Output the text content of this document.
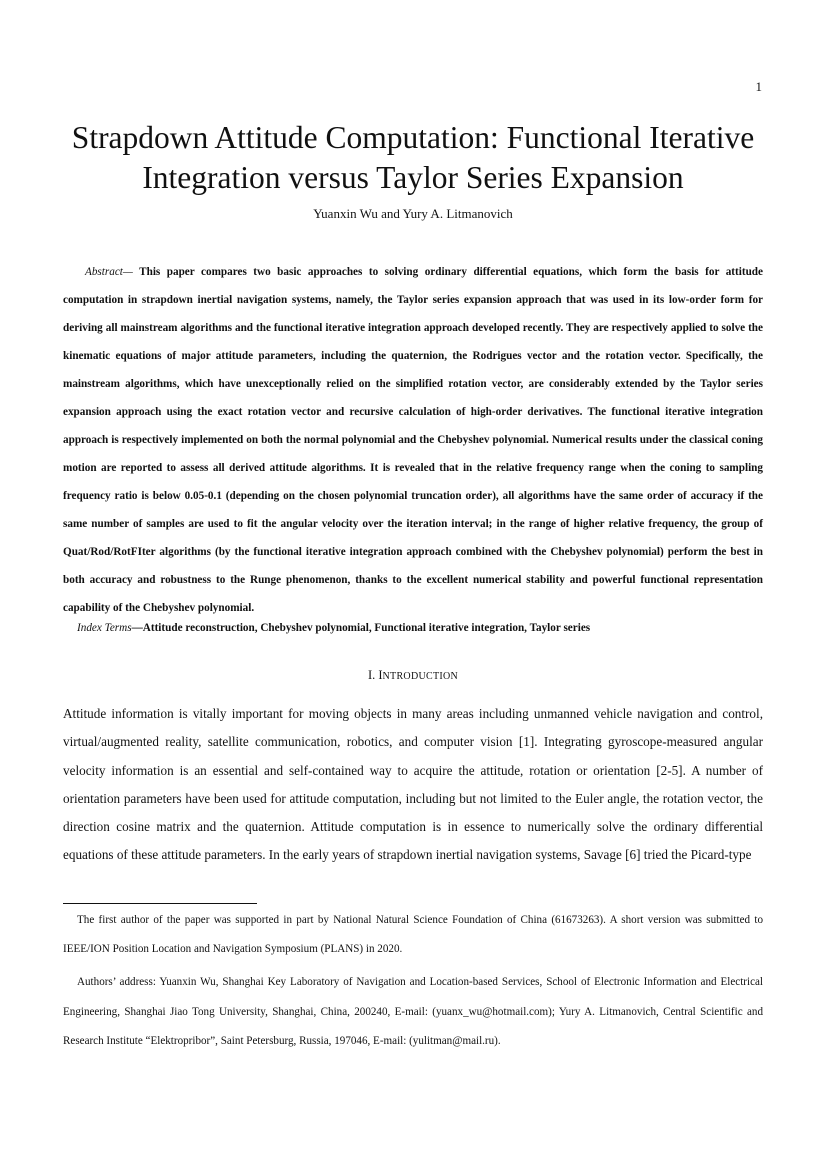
1
Strapdown Attitude Computation: Functional Iterative Integration versus Taylor Series Expansion
Yuanxin Wu and Yury A. Litmanovich

Abstract— This paper compares two basic approaches to solving ordinary differential equations, which form the basis for attitude computation in strapdown inertial navigation systems, namely, the Taylor series expansion approach that was used in its low-order form for deriving all mainstream algorithms and the functional iterative integration approach developed recently. They are respectively applied to solve the kinematic equations of major attitude parameters, including the quaternion, the Rodrigues vector and the rotation vector. Specifically, the mainstream algorithms, which have unexceptionally relied on the simplified rotation vector, are considerably extended by the Taylor series expansion approach using the exact rotation vector and recursive calculation of high-order derivatives. The functional iterative integration approach is respectively implemented on both the normal polynomial and the Chebyshev polynomial. Numerical results under the classical coning motion are reported to assess all derived attitude algorithms. It is revealed that in the relative frequency range when the coning to sampling frequency ratio is below 0.05-0.1 (depending on the chosen polynomial truncation order), all algorithms have the same order of accuracy if the same number of samples are used to fit the angular velocity over the iteration interval; in the range of higher relative frequency, the group of Quat/Rod/RotFIter algorithms (by the functional iterative integration approach combined with the Chebyshev polynomial) perform the best in both accuracy and robustness to the Runge phenomenon, thanks to the excellent numerical stability and powerful functional representation capability of the Chebyshev polynomial.

Index Terms—Attitude reconstruction, Chebyshev polynomial, Functional iterative integration, Taylor series
I. INTRODUCTION

Attitude information is vitally important for moving objects in many areas including unmanned vehicle navigation and control, virtual/augmented reality, satellite communication, robotics, and computer vision [1]. Integrating gyroscope-measured angular velocity information is an essential and self-contained way to acquire the attitude, rotation or orientation [2-5]. A number of orientation parameters have been used for attitude computation, including but not limited to the Euler angle, the rotation vector, the direction cosine matrix and the quaternion. Attitude computation is in essence to numerically solve the ordinary differential equations of these attitude parameters. In the early years of strapdown inertial navigation systems, Savage [6] tried the Picard-type

The first author of the paper was supported in part by National Natural Science Foundation of China (61673263). A short version was submitted to IEEE/ION Position Location and Navigation Symposium (PLANS) in 2020.

Authors’ address: Yuanxin Wu, Shanghai Key Laboratory of Navigation and Location-based Services, School of Electronic Information and Electrical Engineering, Shanghai Jiao Tong University, Shanghai, China, 200240, E-mail: (yuanx_wu@hotmail.com); Yury A. Litmanovich, Central Scientific and Research Institute “Elektropribor”, Saint Petersburg, Russia, 197046, E-mail: (yulitman@mail.ru).
